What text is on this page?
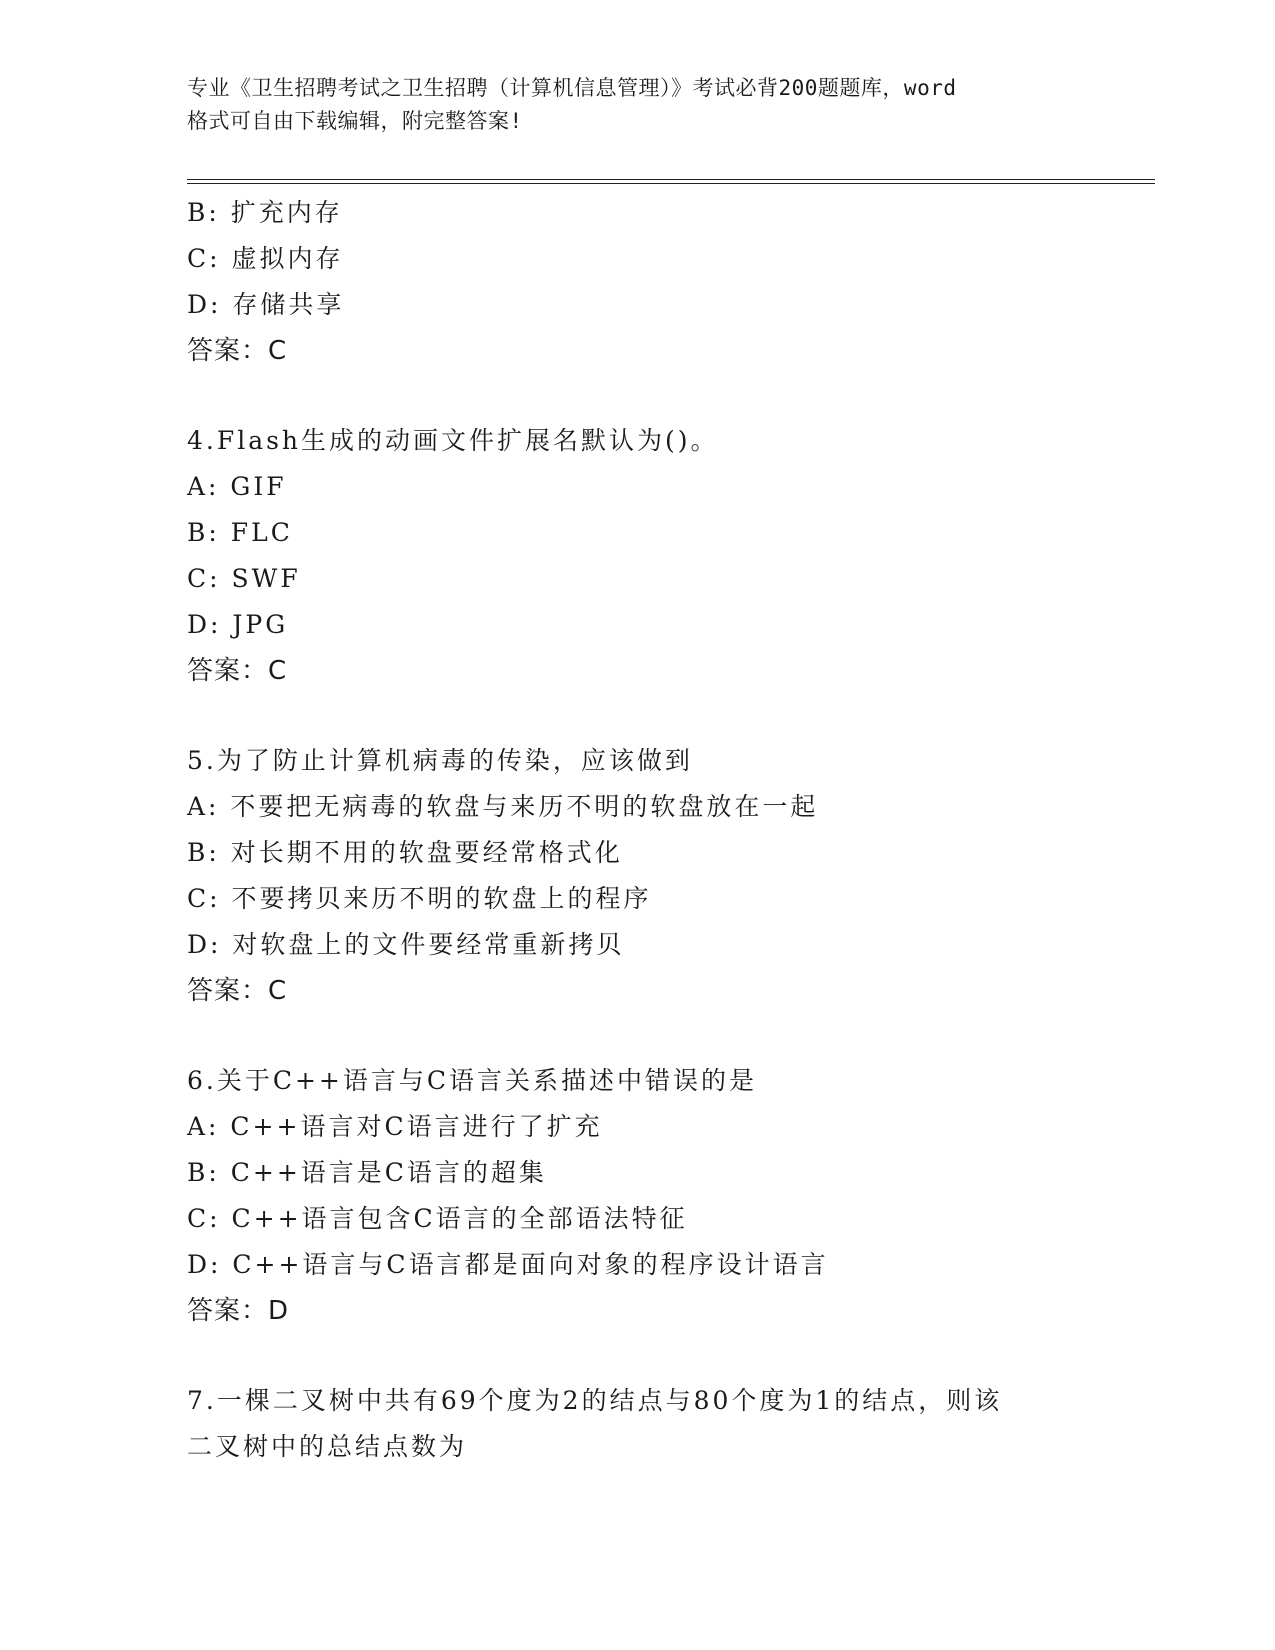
专业《卫生招聘考试之卫生招聘（计算机信息管理）》考试必背200题题库，word
格式可自由下载编辑，附完整答案!
B: 扩充内存
C: 虚拟内存
D: 存储共享
答案：C
4.Flash生成的动画文件扩展名默认为()。
A: GIF
B: FLC
C: SWF
D: JPG
答案：C
5.为了防止计算机病毒的传染，应该做到
A: 不要把无病毒的软盘与来历不明的软盘放在一起
B: 对长期不用的软盘要经常格式化
C: 不要拷贝来历不明的软盘上的程序
D: 对软盘上的文件要经常重新拷贝
答案：C
6.关于C++语言与C语言关系描述中错误的是
A: C++语言对C语言进行了扩充
B: C++语言是C语言的超集
C: C++语言包含C语言的全部语法特征
D: C++语言与C语言都是面向对象的程序设计语言
答案：D
7.一棵二叉树中共有69个度为2的结点与80个度为1的结点，则该
二叉树中的总结点数为
